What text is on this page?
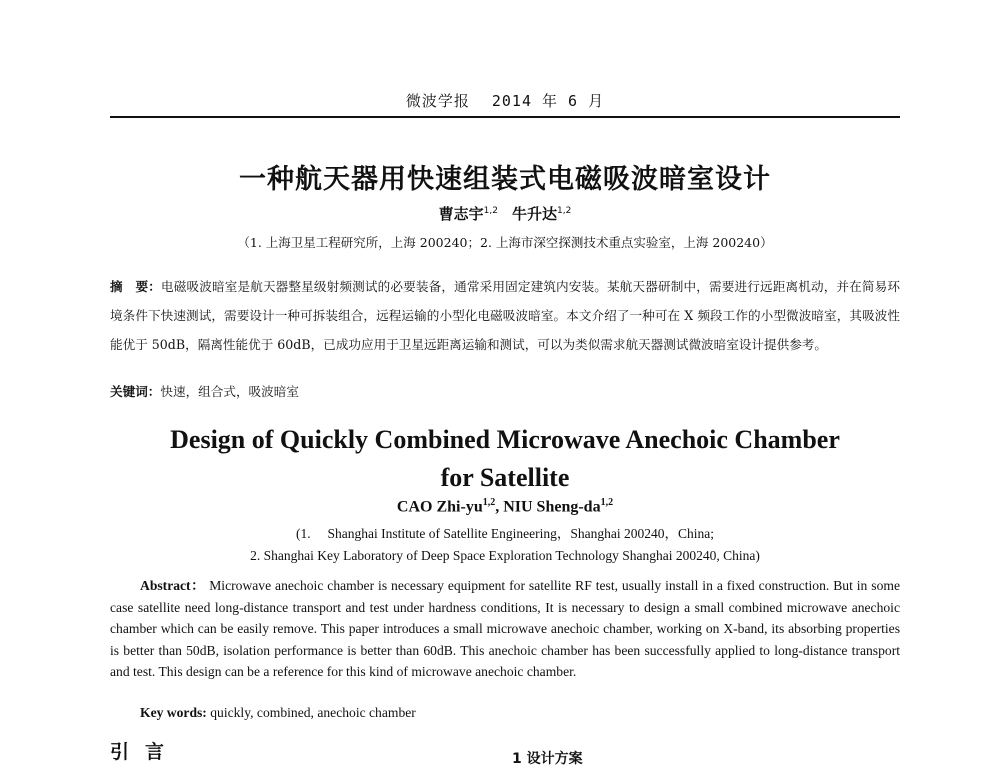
微波学报 2014 年 6 月
一种航天器用快速组装式电磁吸波暗室设计
曹志宇$^{1,2}$ 牛升达$^{1,2}$
（1. 上海卫星工程研究所，上海 200240；2. 上海市深空探测技术重点实验室，上海 200240）
摘　要：电磁吸波暗室是航天器整星级射频测试的必要装备，通常采用固定建筑内安装。某航天器研制中，需要进行远距离机动，并在简易环境条件下快速测试，需要设计一种可拆装组合，远程运输的小型化电磁吸波暗室。本文介绍了一种可在 X 频段工作的小型微波暗室，其吸波性能优于 50dB，隔离性能优于 60dB，已成功应用于卫星远距离运输和测试，可以为类似需求航天器测试微波暗室设计提供参考。
关键词：快速，组合式，吸波暗室
Design of Quickly Combined Microwave Anechoic Chamber
for Satellite
CAO Zhi-yu$^{1,2}$, NIU Sheng-da$^{1,2}$
(1.　 Shanghai Institute of Satellite Engineering，Shanghai 200240，China;
2. Shanghai Key Laboratory of Deep Space Exploration Technology Shanghai 200240, China)
Abstract： Microwave anechoic chamber is necessary equipment for satellite RF test, usually install in a fixed construction. But in some case satellite need long-distance transport and test under hardness conditions, It is necessary to design a small combined microwave anechoic chamber which can be easily remove. This paper introduces a small microwave anechoic chamber, working on X-band, its absorbing properties is better than 50dB, isolation performance is better than 60dB. This anechoic chamber has been successfully applied to long-distance transport and test. This design can be a reference for this kind of microwave anechoic chamber.
Key words: quickly, combined, anechoic chamber
引言	1 设计方案
